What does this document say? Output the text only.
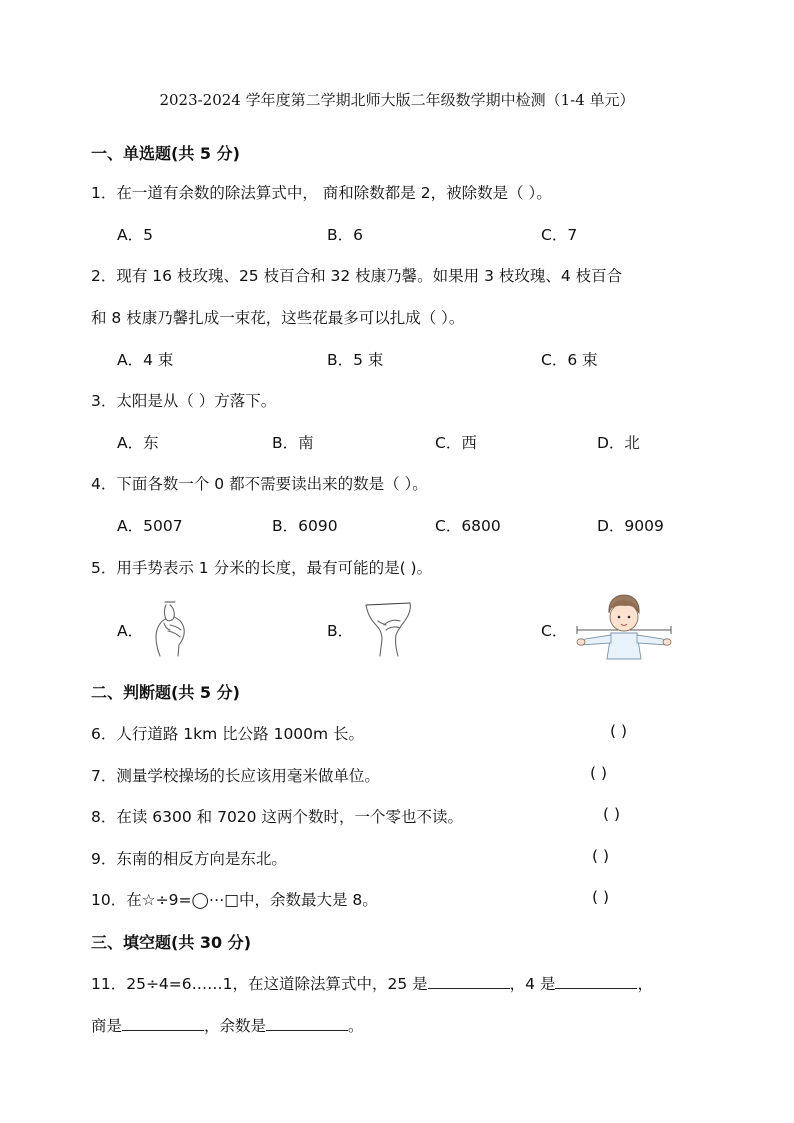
2023-2024 学年度第二学期北师大版二年级数学期中检测（1-4 单元）
一、单选题(共 5 分)
1．在一道有余数的除法算式中， 商和除数都是 2，被除数是（ ）。
A．5	B．6	C．7
2．现有 16 枝玫瑰、25 枝百合和 32 枝康乃馨。如果用 3 枝玫瑰、4 枝百合
和 8 枝康乃馨扎成一束花，这些花最多可以扎成（ ）。
A．4 束	B．5 束	C．6 束
3．太阳是从（ ）方落下。
A．东	B．南	C．西	D．北
4．下面各数一个 0 都不需要读出来的数是（ ）。
A．5007	B．6090	C．6800	D．9009
5．用手势表示 1 分米的长度，最有可能的是( )。
A．	B．	C．
二、判断题(共 5 分)
6．人行道路 1km 比公路 1000m 长。	( )
7．测量学校操场的长应该用毫米做单位。	( )
8．在读 6300 和 7020 这两个数时，一个零也不读。	( )
9．东南的相反方向是东北。	( )
10．在☆÷9=◯⋯□中，余数最大是 8。	( )
三、填空题(共 30 分)
11．25÷4=6……1，在这道除法算式中，25 是	，4 是	，
商是	，余数是	。
